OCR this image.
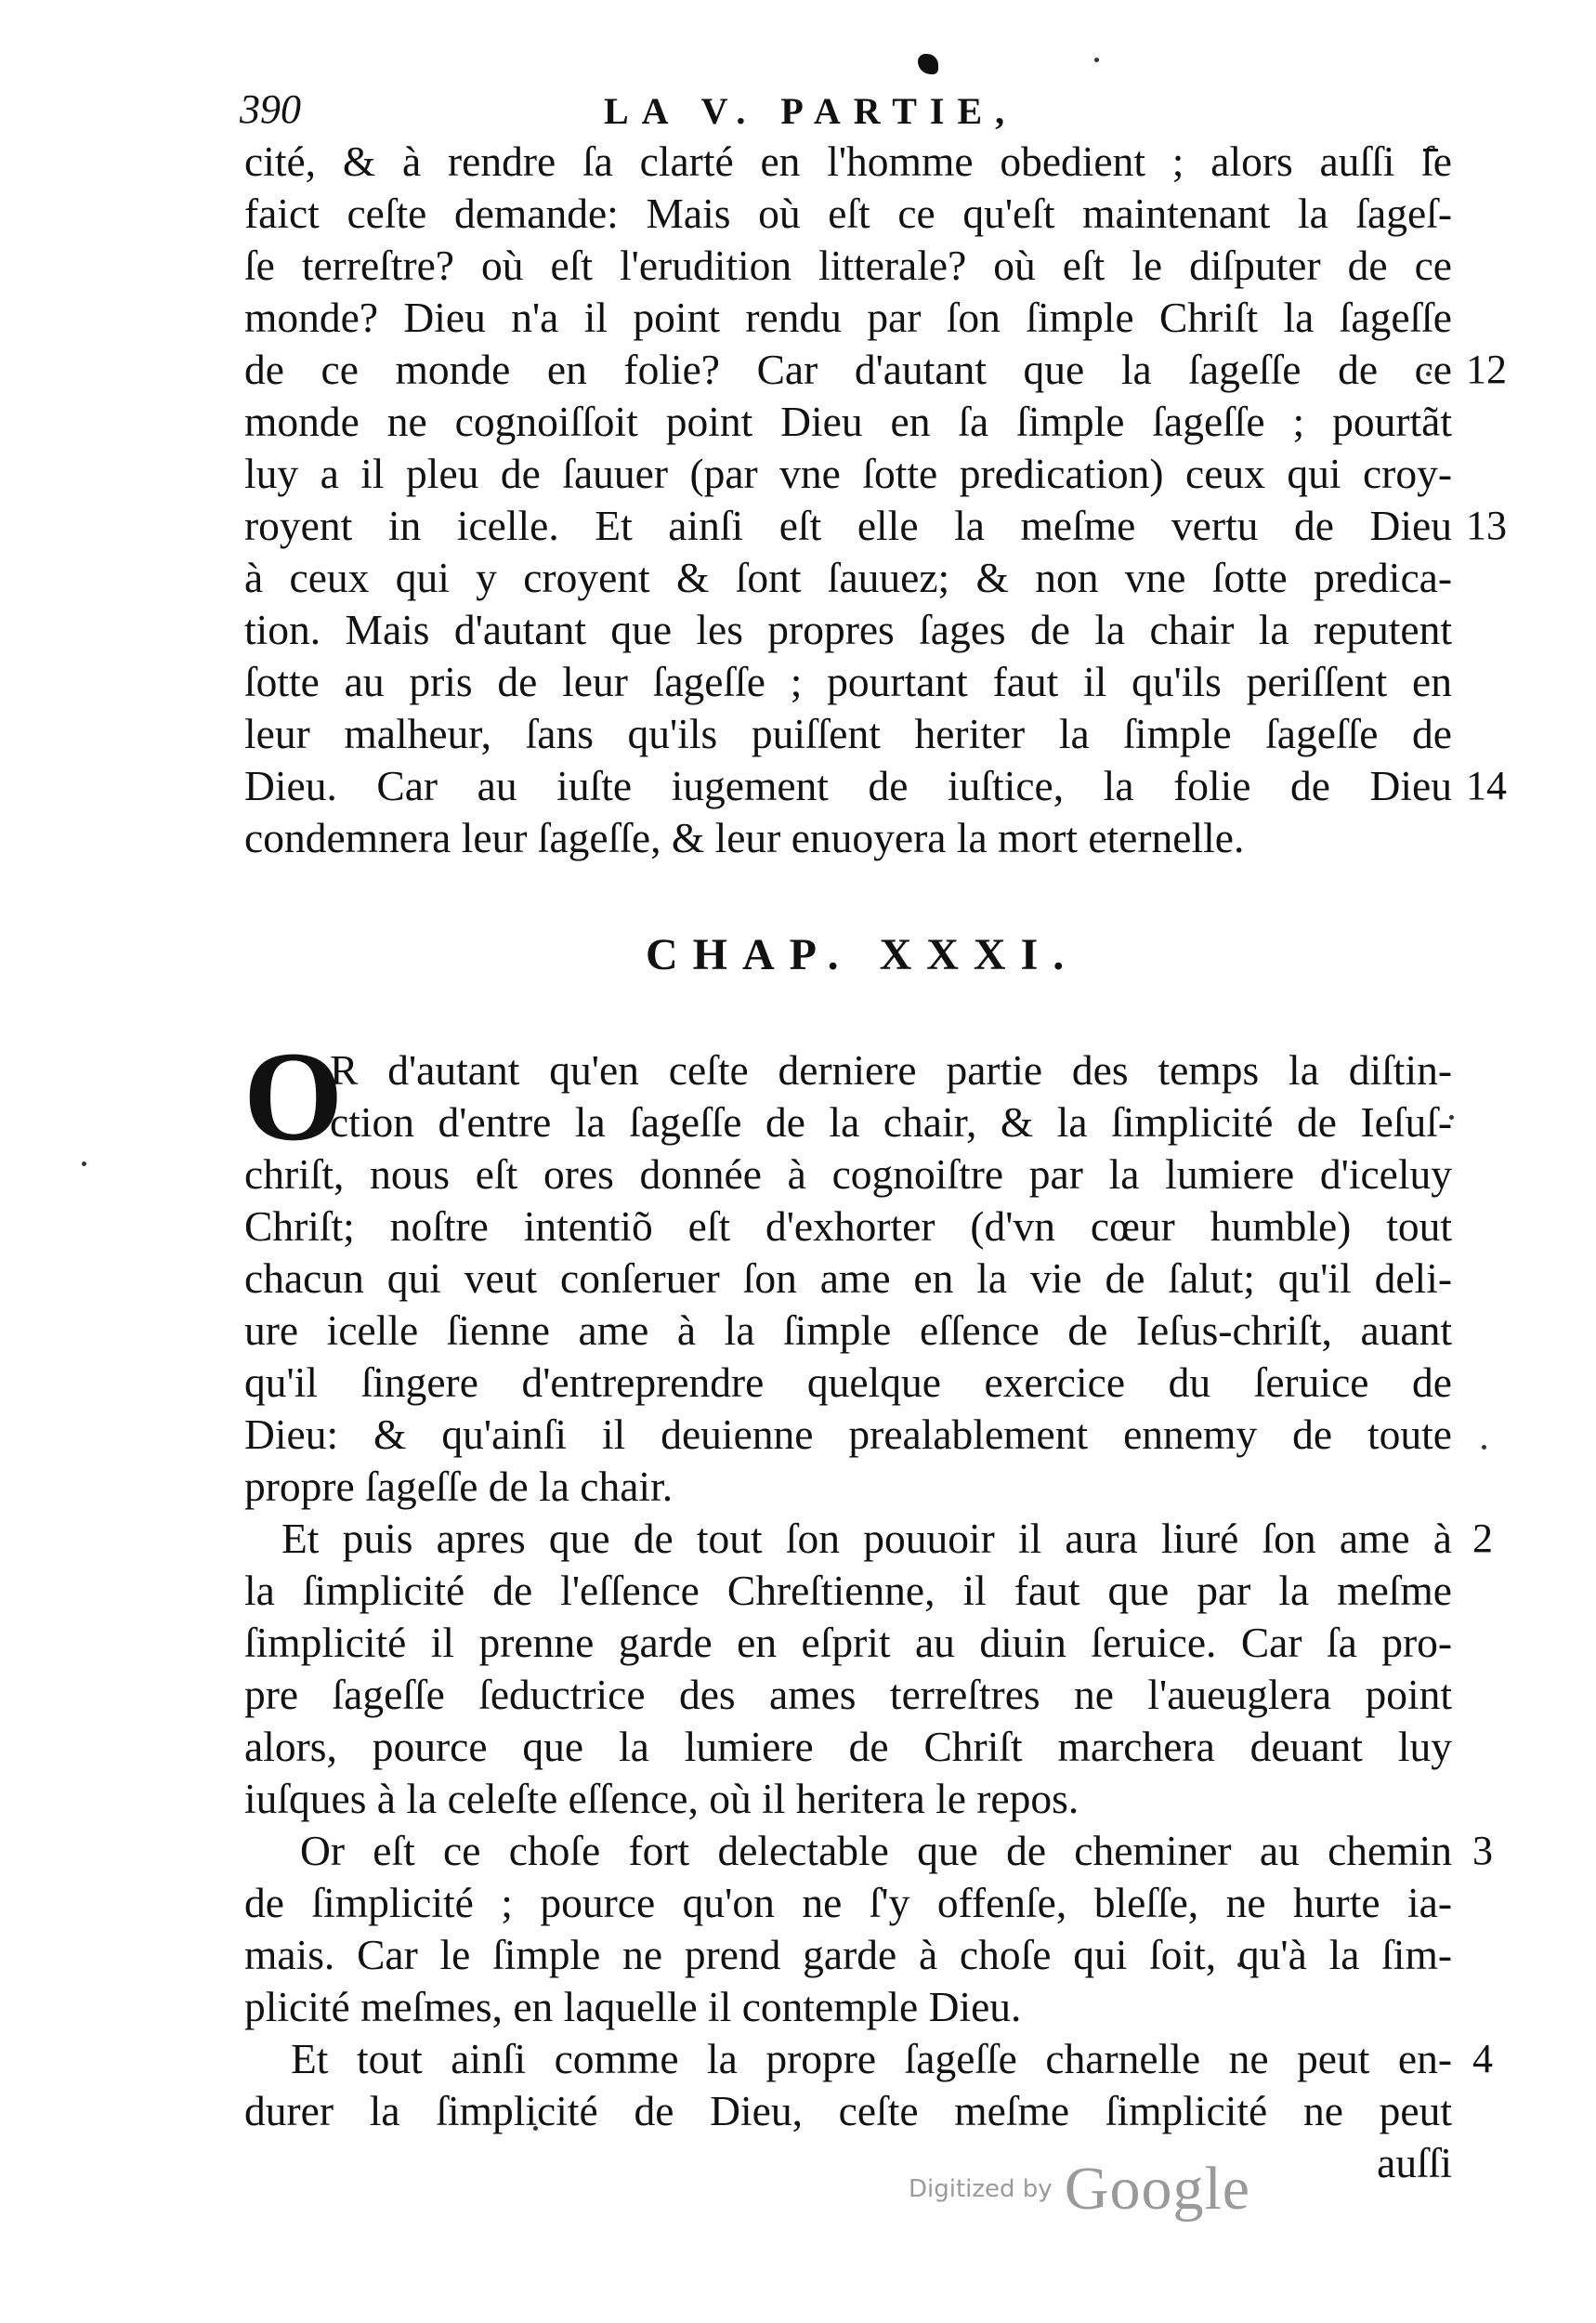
390	LA V. PARTIE,
cité, & à rendre ſa clarté en l'homme obedient ; alors auſſi ſe
faict ceſte demande: Mais où eſt ce qu'eſt maintenant la ſageſ-
ſe terreſtre? où eſt l'erudition litterale? où eſt le diſputer de ce
monde? Dieu n'a il point rendu par ſon ſimple Chriſt la ſageſſe
de ce monde en folie? Car d'autant que la ſageſſe de ce
monde ne cognoiſſoit point Dieu en ſa ſimple ſageſſe ; pourtãt
luy a il pleu de ſauuer (par vne ſotte predication) ceux qui croy-
royent in icelle. Et ainſi eſt elle la meſme vertu de Dieu
à ceux qui y croyent & ſont ſauuez; & non vne ſotte predica-
tion. Mais d'autant que les propres ſages de la chair la reputent
ſotte au pris de leur ſageſſe ; pourtant faut il qu'ils periſſent en
leur malheur, ſans qu'ils puiſſent heriter la ſimple ſageſſe de
Dieu. Car au iuſte iugement de iuſtice, la folie de Dieu
condemnera leur ſageſſe, & leur enuoyera la mort eternelle.
12
13
14
CHAP. XXXI.
O
R d'autant qu'en ceſte derniere partie des temps la diſtin-
ction d'entre la ſageſſe de la chair, & la ſimplicité de Ieſuſ-
chriſt, nous eſt ores donnée à cognoiſtre par la lumiere d'iceluy
Chriſt; noſtre intentiõ eſt d'exhorter (d'vn cœur humble) tout
chacun qui veut conſeruer ſon ame en la vie de ſalut; qu'il deli-
ure icelle ſienne ame à la ſimple eſſence de Ieſus-chriſt, auant
qu'il ſingere d'entreprendre quelque exercice du ſeruice de
Dieu: & qu'ainſi il deuienne prealablement ennemy de toute
propre ſageſſe de la chair.
Et puis apres que de tout ſon pouuoir il aura liuré ſon ame à
la ſimplicité de l'eſſence Chreſtienne, il faut que par la meſme
ſimplicité il prenne garde en eſprit au diuin ſeruice. Car ſa pro-
pre ſageſſe ſeductrice des ames terreſtres ne l'aueuglera point
alors, pource que la lumiere de Chriſt marchera deuant luy
iuſques à la celeſte eſſence, où il heritera le repos.
Or eſt ce choſe fort delectable que de cheminer au chemin
de ſimplicité ; pource qu'on ne ſ'y offenſe, bleſſe, ne hurte ia-
mais. Car le ſimple ne prend garde à choſe qui ſoit, qu'à la ſim-
plicité meſmes, en laquelle il contemple Dieu.
Et tout ainſi comme la propre ſageſſe charnelle ne peut en-
durer la ſimplicité de Dieu, ceſte meſme ſimplicité ne peut
auſſi
2
3
4
Digitized by Google
